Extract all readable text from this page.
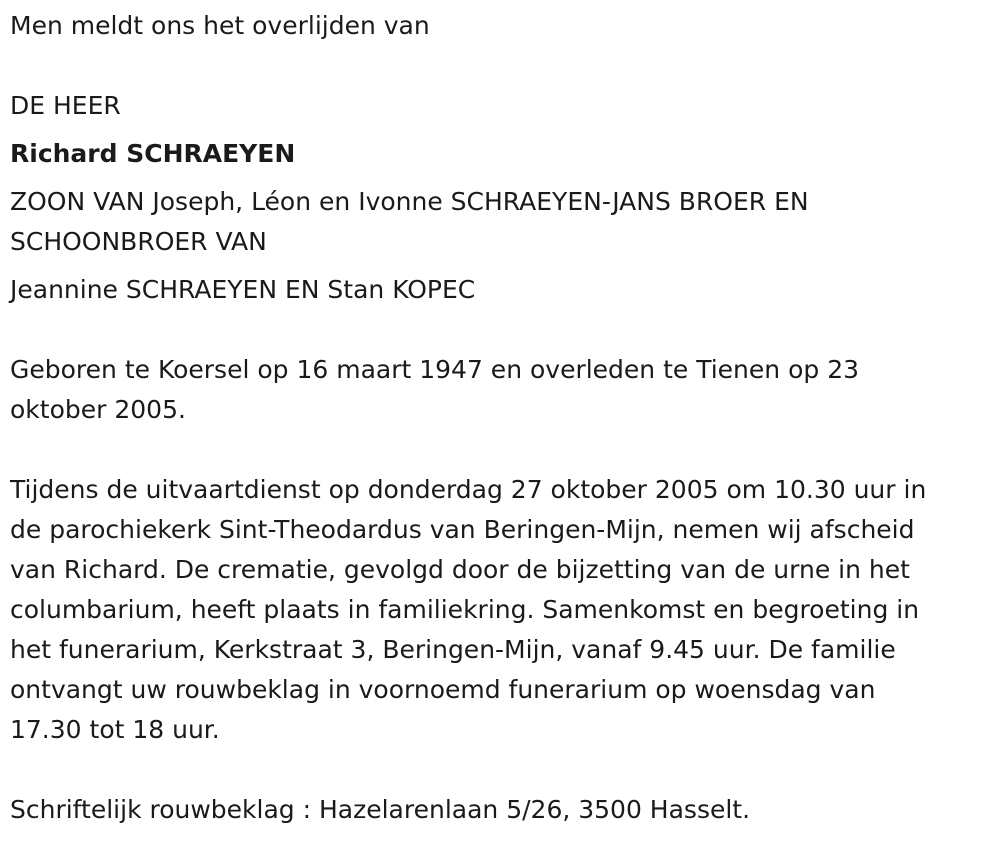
Men meldt ons het overlijden van

DE HEER

Richard SCHRAEYEN

ZOON VAN Joseph, Léon en Ivonne SCHRAEYEN-JANS BROER EN

SCHOONBROER VAN

Jeannine SCHRAEYEN EN Stan KOPEC

Geboren te Koersel op 16 maart 1947 en overleden te Tienen op 23

oktober 2005.

Tijdens de uitvaartdienst op donderdag 27 oktober 2005 om 10.30 uur in

de parochiekerk Sint-Theodardus van Beringen-Mijn, nemen wij afscheid

van Richard. De crematie, gevolgd door de bijzetting van de urne in het

columbarium, heeft plaats in familiekring. Samenkomst en begroeting in

het funerarium, Kerkstraat 3, Beringen-Mijn, vanaf 9.45 uur. De familie

ontvangt uw rouwbeklag in voornoemd funerarium op woensdag van

17.30 tot 18 uur.

Schriftelijk rouwbeklag : Hazelarenlaan 5/26, 3500 Hasselt.
